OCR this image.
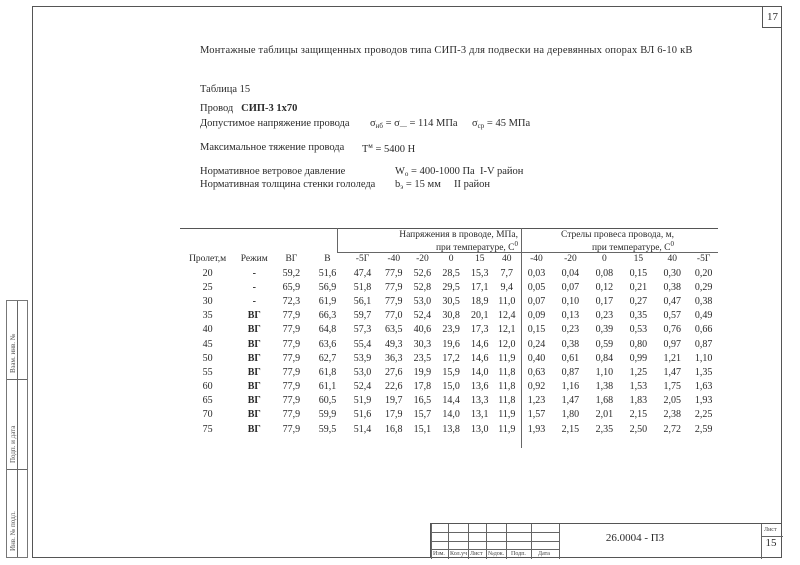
17
Монтажные таблицы защищенных проводов типа СИП-3 для подвески на деревянных опорах ВЛ 6-10 кВ
Таблица 15
Провод СИП-3 1х70
Допустимое напряжение провода $\sigma_{нб} = \sigma_— = 114$ МПа $\sigma_{ср} = 45$ МПа
Максимальное тяжение провода $Т^м = 5400$ Н
Нормативное ветровое давление	$W_о = 400-1000$ Па I-V район
Нормативная толщина стенки гололеда $b_э = 15$ мм II район
Напряжения в проводе, МПа,
при температуре, $С^0$
Стрелы провеса провода, м,
при температуре, $С^0$
Пролет,м	Режим	ВГ	В	-5Г	-40	-20	0	15	40	-40	-20	0	15	40	-5Г
20	-	59,2	51,6	47,4	77,9	52,6	28,5	15,3	7,7	0,03	0,04	0,08	0,15	0,30	0,20
25	-	65,9	56,9	51,8	77,9	52,8	29,5	17,1	9,4	0,05	0,07	0,12	0,21	0,38	0,29
30	-	72,3	61,9	56,1	77,9	53,0	30,5	18,9	11,0	0,07	0,10	0,17	0,27	0,47	0,38
35	ВГ	77,9	66,3	59,7	77,0	52,4	30,8	20,1	12,4	0,09	0,13	0,23	0,35	0,57	0,49
40	ВГ	77,9	64,8	57,3	63,5	40,6	23,9	17,3	12,1	0,15	0,23	0,39	0,53	0,76	0,66
45	ВГ	77,9	63,6	55,4	49,3	30,3	19,6	14,6	12,0	0,24	0,38	0,59	0,80	0,97	0,87
50	ВГ	77,9	62,7	53,9	36,3	23,5	17,2	14,6	11,9	0,40	0,61	0,84	0,99	1,21	1,10
55	ВГ	77,9	61,8	53,0	27,6	19,9	15,9	14,0	11,8	0,63	0,87	1,10	1,25	1,47	1,35
60	ВГ	77,9	61,1	52,4	22,6	17,8	15,0	13,6	11,8	0,92	1,16	1,38	1,53	1,75	1,63
65	ВГ	77,9	60,5	51,9	19,7	16,5	14,4	13,3	11,8	1,23	1,47	1,68	1,83	2,05	1,93
70	ВГ	77,9	59,9	51,6	17,9	15,7	14,0	13,1	11,9	1,57	1,80	2,01	2,15	2,38	2,25
75	ВГ	77,9	59,5	51,4	16,8	15,1	13,8	13,0	11,9	1,93	2,15	2,35	2,50	2,72	2,59
Взам. инв. №
Подп. и дата
Инв. № подл.
Изм. Кол.уч Лист №док. Подп. Дата
Лист
26.0004 - ПЗ	15
